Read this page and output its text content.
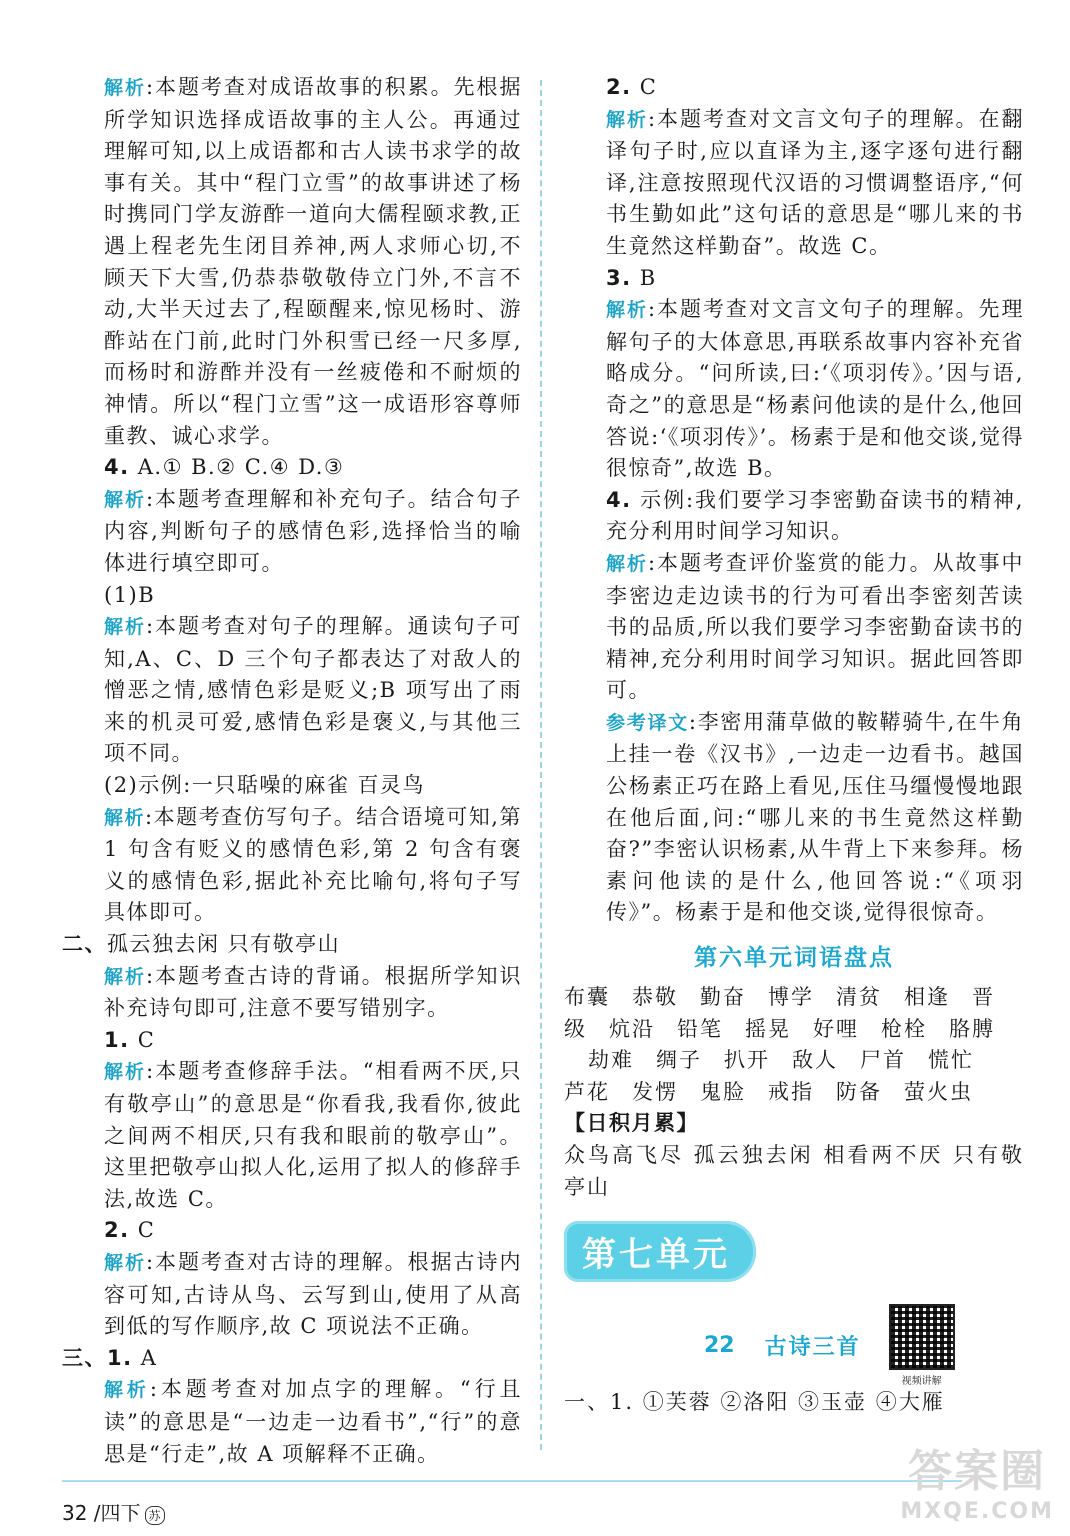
解析:本题考查对成语故事的积累。先根据所学知识选择成语故事的主人公。再通过理解可知,以上成语都和古人读书求学的故事有关。其中“程门立雪”的故事讲述了杨时携同门学友游酢一道向大儒程颐求教,正遇上程老先生闭目养神,两人求师心切,不顾天下大雪,仍恭恭敬敬侍立门外,不言不动,大半天过去了,程颐醒来,惊见杨时、游酢站在门前,此时门外积雪已经一尺多厚,而杨时和游酢并没有一丝疲倦和不耐烦的神情。所以“程门立雪”这一成语形容尊师重教、诚心求学。

4. A.① B.② C.④ D.③

解析:本题考查理解和补充句子。结合句子内容,判断句子的感情色彩,选择恰当的喻体进行填空即可。

(1)B

解析:本题考查对句子的理解。通读句子可知,A、C、D 三个句子都表达了对敌人的憎恶之情,感情色彩是贬义;B 项写出了雨来的机灵可爱,感情色彩是褒义,与其他三项不同。

(2)示例:一只聒噪的麻雀 百灵鸟

解析:本题考查仿写句子。结合语境可知,第 1 句含有贬义的感情色彩,第 2 句含有褒义的感情色彩,据此补充比喻句,将句子写具体即可。

二、孤云独去闲 只有敬亭山

解析:本题考查古诗的背诵。根据所学知识补充诗句即可,注意不要写错别字。

1. C

解析:本题考查修辞手法。“相看两不厌,只有敬亭山”的意思是“你看我,我看你,彼此之间两不相厌,只有我和眼前的敬亭山”。这里把敬亭山拟人化,运用了拟人的修辞手法,故选 C。

2. C

解析:本题考查对古诗的理解。根据古诗内容可知,古诗从鸟、云写到山,使用了从高到低的写作顺序,故 C 项说法不正确。

三、1. A

解析:本题考查对加点字的理解。“行且读”的意思是“一边走一边看书”,“行”的意思是“行走”,故 A 项解释不正确。

2. C

解析:本题考查对文言文句子的理解。在翻译句子时,应以直译为主,逐字逐句进行翻译,注意按照现代汉语的习惯调整语序,“何书生勤如此”这句话的意思是“哪儿来的书生竟然这样勤奋”。故选 C。

3. B

解析:本题考查对文言文句子的理解。先理解句子的大体意思,再联系故事内容补充省略成分。“问所读,曰:‘《项羽传》。’因与语,奇之”的意思是“杨素问他读的是什么,他回答说:‘《项羽传》’。杨素于是和他交谈,觉得很惊奇”,故选 B。

4. 示例:我们要学习李密勤奋读书的精神,充分利用时间学习知识。

解析:本题考查评价鉴赏的能力。从故事中李密边走边读书的行为可看出李密刻苦读书的品质,所以我们要学习李密勤奋读书的精神,充分利用时间学习知识。据此回答即可。

参考译文:李密用蒲草做的鞍鞯骑牛,在牛角上挂一卷《汉书》,一边走一边看书。越国公杨素正巧在路上看见,压住马缰慢慢地跟在他后面,问:“哪儿来的书生竟然这样勤奋?”李密认识杨素,从牛背上下来参拜。杨素问他读的是什么,他回答说:“《项羽传》”。杨素于是和他交谈,觉得很惊奇。

第六单元词语盘点
布囊 恭敬 勤奋 博学 清贫 相逢 晋
级 炕沿 铅笔 摇晃 好哩 枪栓 胳膊
劫难 绸子 扒开 敌人 尸首 慌忙
芦花 发愣 鬼脸 戒指 防备 萤火虫

【日积月累】

众鸟高飞尽 孤云独去闲 相看两不厌 只有敬亭山

第七单元
22 古诗三首
视频讲解

一、1. ①芙蓉 ②洛阳 ③玉壶 ④大雁

32 /四下 苏
答案圈
MXQE.COM
